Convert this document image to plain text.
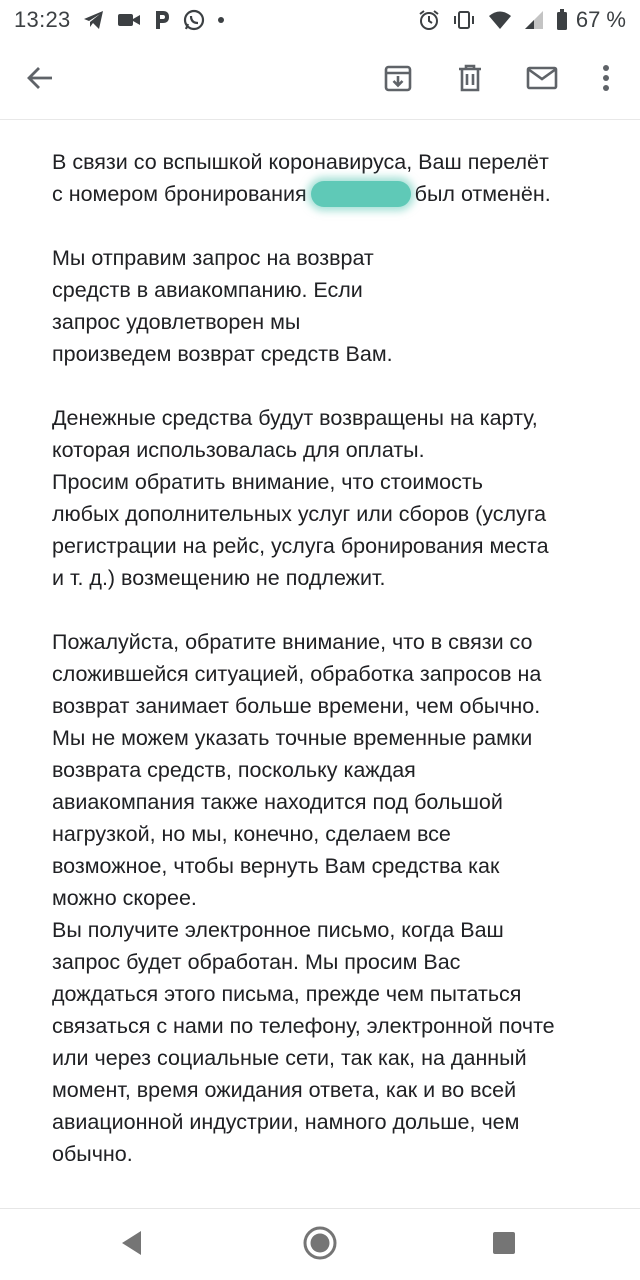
13:23	67 %
В связи со вспышкой коронавируса, Ваш перелёт
с номером бронирования	был отменён.
Мы отправим запрос на возврат
средств в авиакомпанию. Если
запрос удовлетворен мы
произведем возврат средств Вам.
Денежные средства будут возвращены на карту,
которая использовалась для оплаты.
Просим обратить внимание, что стоимость
любых дополнительных услуг или сборов (услуга
регистрации на рейс, услуга бронирования места
и т. д.) возмещению не подлежит.
Пожалуйста, обратите внимание, что в связи со
сложившейся ситуацией, обработка запросов на
возврат занимает больше времени, чем обычно.
Мы не можем указать точные временные рамки
возврата средств, поскольку каждая
авиакомпания также находится под большой
нагрузкой, но мы, конечно, сделаем все
возможное, чтобы вернуть Вам средства как
можно скорее.
Вы получите электронное письмо, когда Ваш
запрос будет обработан. Мы просим Вас
дождаться этого письма, прежде чем пытаться
связаться с нами по телефону, электронной почте
или через социальные сети, так как, на данный
момент, время ожидания ответа, как и во всей
авиационной индустрии, намного дольше, чем
обычно.
